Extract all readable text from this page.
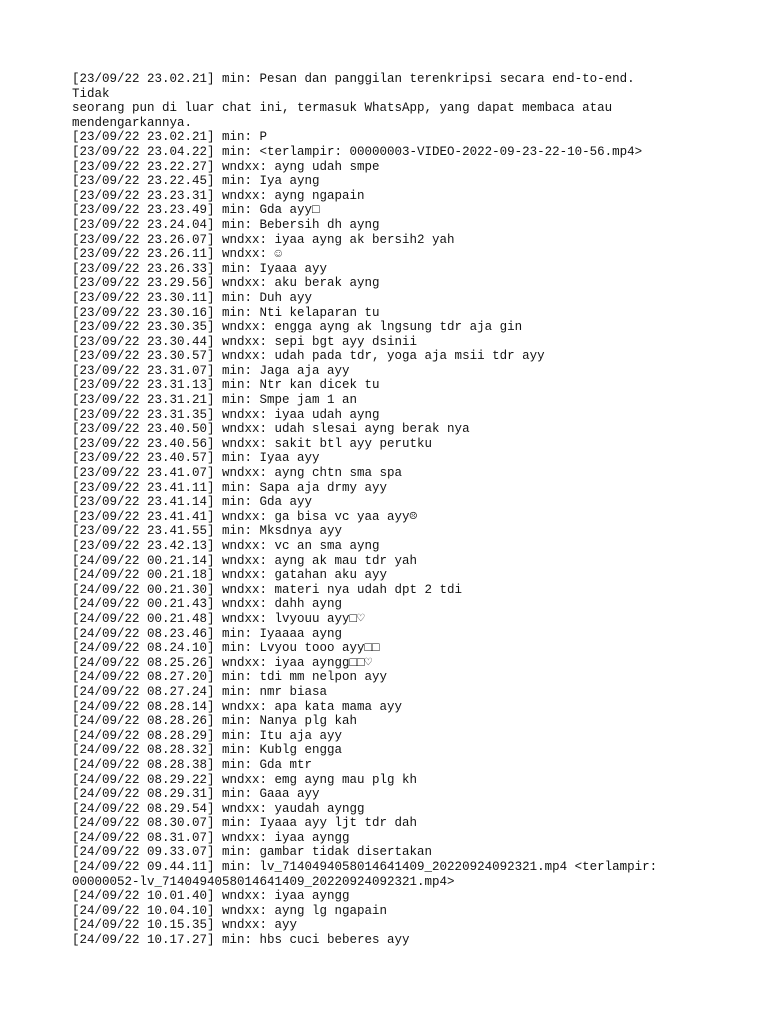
[23/09/22 23.02.21] min: Pesan dan panggilan terenkripsi secara end-to-end. Tidak
seorang pun di luar chat ini, termasuk WhatsApp, yang dapat membaca atau
mendengarkannya.
[23/09/22 23.02.21] min: P
[23/09/22 23.04.22] min: <terlampir: 00000003-VIDEO-2022-09-23-22-10-56.mp4>
[23/09/22 23.22.27] wndxx: ayng udah smpe
[23/09/22 23.22.45] min: Iya ayng
[23/09/22 23.23.31] wndxx: ayng ngapain
[23/09/22 23.23.49] min: Gda ayy□
[23/09/22 23.24.04] min: Bebersih dh ayng
[23/09/22 23.26.07] wndxx: iyaa ayng ak bersih2 yah
[23/09/22 23.26.11] wndxx: ☺
[23/09/22 23.26.33] min: Iyaaa ayy
[23/09/22 23.29.56] wndxx: aku berak ayng
[23/09/22 23.30.11] min: Duh ayy
[23/09/22 23.30.16] min: Nti kelaparan tu
[23/09/22 23.30.35] wndxx: engga ayng ak lngsung tdr aja gin
[23/09/22 23.30.44] wndxx: sepi bgt ayy dsinii
[23/09/22 23.30.57] wndxx: udah pada tdr, yoga aja msii tdr ayy
[23/09/22 23.31.07] min: Jaga aja ayy
[23/09/22 23.31.13] min: Ntr kan dicek tu
[23/09/22 23.31.21] min: Smpe jam 1 an
[23/09/22 23.31.35] wndxx: iyaa udah ayng
[23/09/22 23.40.50] wndxx: udah slesai ayng berak nya
[23/09/22 23.40.56] wndxx: sakit btl ayy perutku
[23/09/22 23.40.57] min: Iyaa ayy
[23/09/22 23.41.07] wndxx: ayng chtn sma spa
[23/09/22 23.41.11] min: Sapa aja drmy ayy
[23/09/22 23.41.14] min: Gda ayy
[23/09/22 23.41.41] wndxx: ga bisa vc yaa ayy☹
[23/09/22 23.41.55] min: Mksdnya ayy
[23/09/22 23.42.13] wndxx: vc an sma ayng
[24/09/22 00.21.14] wndxx: ayng ak mau tdr yah
[24/09/22 00.21.18] wndxx: gatahan aku ayy
[24/09/22 00.21.30] wndxx: materi nya udah dpt 2 tdi
[24/09/22 00.21.43] wndxx: dahh ayng
[24/09/22 00.21.48] wndxx: lvyouu ayy□♡
[24/09/22 08.23.46] min: Iyaaaa ayng
[24/09/22 08.24.10] min: Lvyou tooo ayy□□
[24/09/22 08.25.26] wndxx: iyaa ayngg□□♡
[24/09/22 08.27.20] min: tdi mm nelpon ayy
[24/09/22 08.27.24] min: nmr biasa
[24/09/22 08.28.14] wndxx: apa kata mama ayy
[24/09/22 08.28.26] min: Nanya plg kah
[24/09/22 08.28.29] min: Itu aja ayy
[24/09/22 08.28.32] min: Kublg engga
[24/09/22 08.28.38] min: Gda mtr
[24/09/22 08.29.22] wndxx: emg ayng mau plg kh
[24/09/22 08.29.31] min: Gaaa ayy
[24/09/22 08.29.54] wndxx: yaudah ayngg
[24/09/22 08.30.07] min: Iyaaa ayy ljt tdr dah
[24/09/22 08.31.07] wndxx: iyaa ayngg
[24/09/22 09.33.07] min: gambar tidak disertakan
[24/09/22 09.44.11] min: lv_7140494058014641409_20220924092321.mp4 <terlampir:
00000052-lv_7140494058014641409_20220924092321.mp4>
[24/09/22 10.01.40] wndxx: iyaa ayngg
[24/09/22 10.04.10] wndxx: ayng lg ngapain
[24/09/22 10.15.35] wndxx: ayy
[24/09/22 10.17.27] min: hbs cuci beberes ayy
